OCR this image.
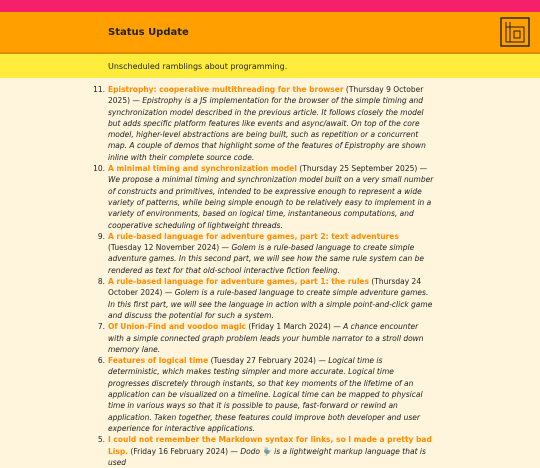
Status Update
Unscheduled ramblings about programming.
11. Epistrophy: cooperative multithreading for the browser (Thursday 9 October 2025) — Epistrophy is a JS implementation for the browser of the simple timing and synchronization model described in the previous article. It follows closely the model but adds specific platform features like events and async/await. On top of the core model, higher-level abstractions are being built, such as repetition or a concurrent map. A couple of demos that highlight some of the features of Epistrophy are shown inline with their complete source code.
10. A minimal timing and synchronization model (Thursday 25 September 2025) — We propose a minimal timing and synchronization model built on a very small number of constructs and primitives, intended to be expressive enough to represent a wide variety of patterns, while being simple enough to be relatively easy to implement in a variety of environments, based on logical time, instantaneous computations, and cooperative scheduling of lightweight threads.
9. A rule-based language for adventure games, part 2: text adventures (Tuesday 12 November 2024) — Golem is a rule-based language to create simple adventure games. In this second part, we will see how the same rule system can be rendered as text for that old-school interactive fiction feeling.
8. A rule-based language for adventure games, part 1: the rules (Thursday 24 October 2024) — Golem is a rule-based language to create simple adventure games. In this first part, we will see the language in action with a simple point-and-click game and discuss the potential for such a system.
7. Of Union-Find and voodoo magic (Friday 1 March 2024) — A chance encounter with a simple connected graph problem leads your humble narrator to a stroll down memory lane.
6. Features of logical time (Tuesday 27 February 2024) — Logical time is deterministic, which makes testing simpler and more accurate. Logical time progresses discretely through instants, so that key moments of the lifetime of an application can be visualized on a timeline. Logical time can be mapped to physical time in various ways so that it is possible to pause, fast-forward or rewind an application. Taken together, these features could improve both developer and user experience for interactive applications.
5. I could not remember the Markdown syntax for links, so I made a pretty bad Lisp. (Friday 16 February 2024) — Dodo 🦤 is a lightweight markup language that is used
